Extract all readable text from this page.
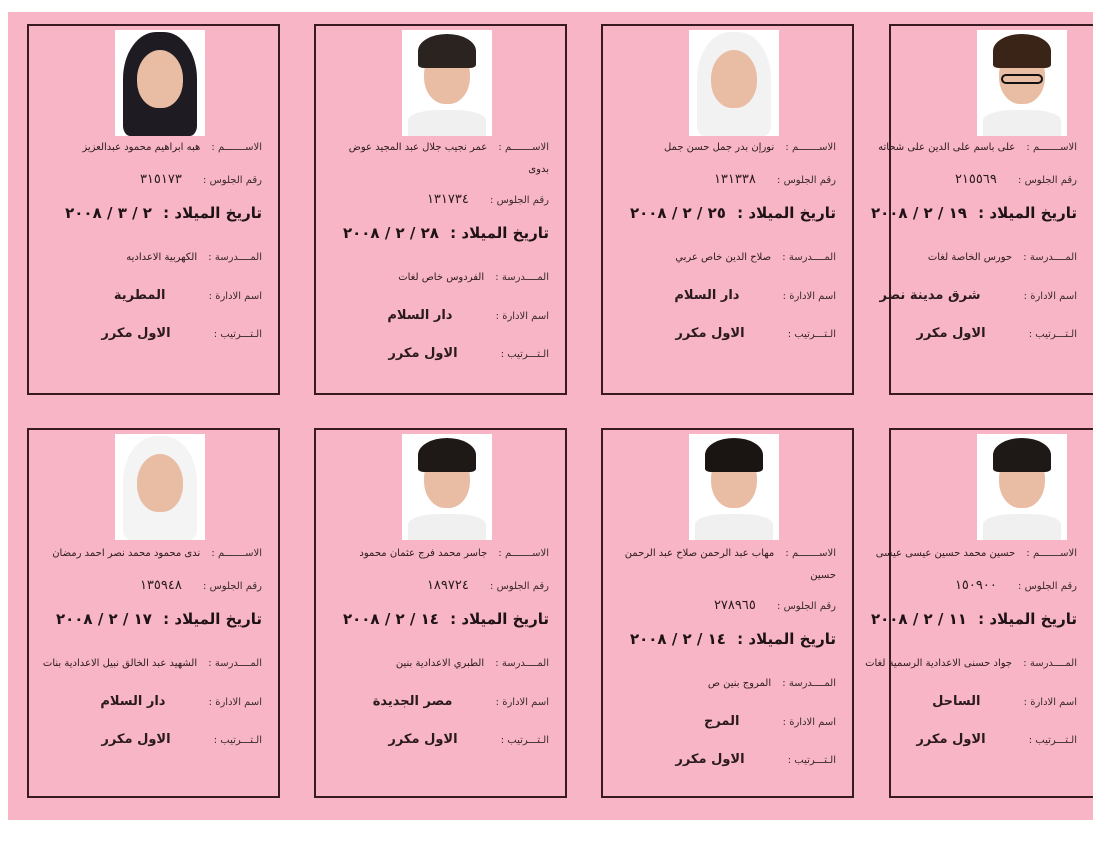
الاســـــــم : هبه ابراهيم محمود عبدالعزيز
رقم الجلوس : ٣١٥١٧٣
تاريخ الميلاد : ٢ / ٣ / ٢٠٠٨
المــــدرسة : الكهربية الاعداديه
اسم الادارة : المطرية
الـتـــرتيب : الاول مكرر
الاســـــــم : عمر نجيب جلال عبد المجيد عوض
بدوى
رقم الجلوس : ١٣١٧٣٤
تاريخ الميلاد : ٢٨ / ٢ / ٢٠٠٨
المــــدرسة : الفردوس خاص لغات
اسم الادارة : دار السلام
الـتـــرتيب : الاول مكرر
الاســـــــم : نورإن بدر جمل حسن جمل
رقم الجلوس : ١٣١٣٣٨
تاريخ الميلاد : ٢٥ / ٢ / ٢٠٠٨
المــــدرسة : صلاح الدين خاص عربي
اسم الادارة : دار السلام
الـتـــرتيب : الاول مكرر
الاســـــــم : على باسم على الدين على شحاته
رقم الجلوس : ٢١٥٥٦٩
تاريخ الميلاد : ١٩ / ٢ / ٢٠٠٨
المــــدرسة : حورس الخاصة لغات
اسم الادارة : شرق مدينة نصر
الـتـــرتيب : الاول مكرر
الاســـــــم : ندى محمود محمد نصر احمد رمضان
رقم الجلوس : ١٣٥٩٤٨
تاريخ الميلاد : ١٧ / ٢ / ٢٠٠٨
المــــدرسة : الشهيد عبد الخالق نبيل الاعدادية بنات
اسم الادارة : دار السلام
الـتـــرتيب : الاول مكرر
الاســـــــم : جاسر محمد فرج عثمان محمود
رقم الجلوس : ١٨٩٧٢٤
تاريخ الميلاد : ١٤ / ٢ / ٢٠٠٨
المــــدرسة : الطبري الاعدادية بنين
اسم الادارة : مصر الجديدة
الـتـــرتيب : الاول مكرر
الاســـــــم : مهاب عبد الرحمن صلاح عبد الرحمن
حسين
رقم الجلوس : ٢٧٨٩٦٥
تاريخ الميلاد : ١٤ / ٢ / ٢٠٠٨
المــــدرسة : المروج بنين ص
اسم الادارة : المرج
الـتـــرتيب : الاول مكرر
الاســـــــم : حسين محمد حسين عيسى عيسى
رقم الجلوس : ١٥٠٩٠٠
تاريخ الميلاد : ١١ / ٢ / ٢٠٠٨
المــــدرسة : جواد حسنى الاعدادية الرسمية لغات
اسم الادارة : الساحل
الـتـــرتيب : الاول مكرر
